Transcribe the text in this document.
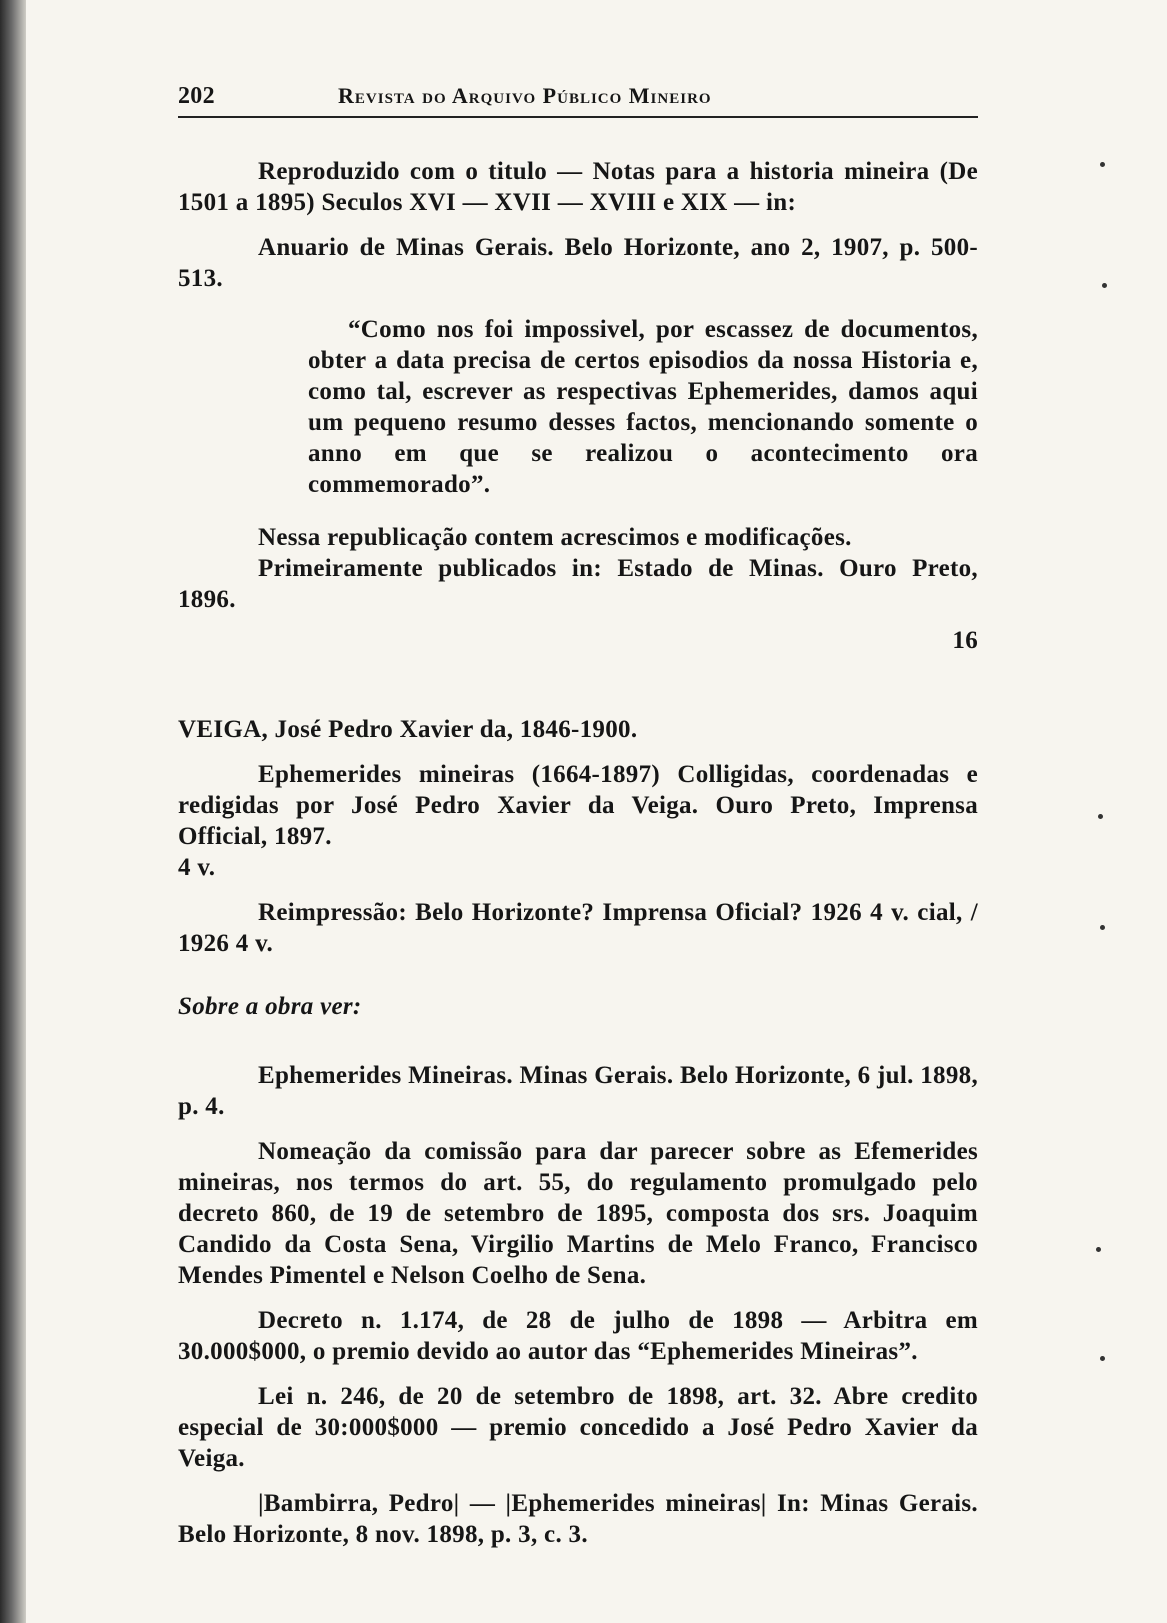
202	Revista do Arquivo Público Mineiro

Reproduzido com o titulo — Notas para a historia mineira (De 1501 a 1895) Seculos XVI — XVII — XVIII e XIX — in:

Anuario de Minas Gerais. Belo Horizonte, ano 2, 1907, p. 500-513.

“Como nos foi impossivel, por escassez de documentos, obter a data precisa de certos episodios da nossa Historia e, como tal, escrever as respectivas Ephemerides, damos aqui um pequeno resumo desses factos, mencionando somente o anno em que se realizou o acontecimento ora commemorado”.

Nessa republicação contem acrescimos e modificações.

Primeiramente publicados in: Estado de Minas. Ouro Preto, 1896.

16

VEIGA, José Pedro Xavier da, 1846-1900.

Ephemerides mineiras (1664-1897) Colligidas, coordenadas e redigidas por José Pedro Xavier da Veiga. Ouro Preto, Imprensa Official, 1897.

4 v.

Reimpressão: Belo Horizonte? Imprensa Oficial? 1926 4 v. cial, / 1926 4 v.

Sobre a obra ver:

Ephemerides Mineiras. Minas Gerais. Belo Horizonte, 6 jul. 1898, p. 4.

Nomeação da comissão para dar parecer sobre as Efemerides mineiras, nos termos do art. 55, do regulamento promulgado pelo decreto 860, de 19 de setembro de 1895, composta dos srs. Joaquim Candido da Costa Sena, Virgilio Martins de Melo Franco, Francisco Mendes Pimentel e Nelson Coelho de Sena.

Decreto n. 1.174, de 28 de julho de 1898 — Arbitra em 30.000$000, o premio devido ao autor das “Ephemerides Mineiras”.

Lei n. 246, de 20 de setembro de 1898, art. 32. Abre credito especial de 30:000$000 — premio concedido a José Pedro Xavier da Veiga.

|Bambirra, Pedro| — |Ephemerides mineiras| In: Minas Gerais. Belo Horizonte, 8 nov. 1898, p. 3, c. 3.
